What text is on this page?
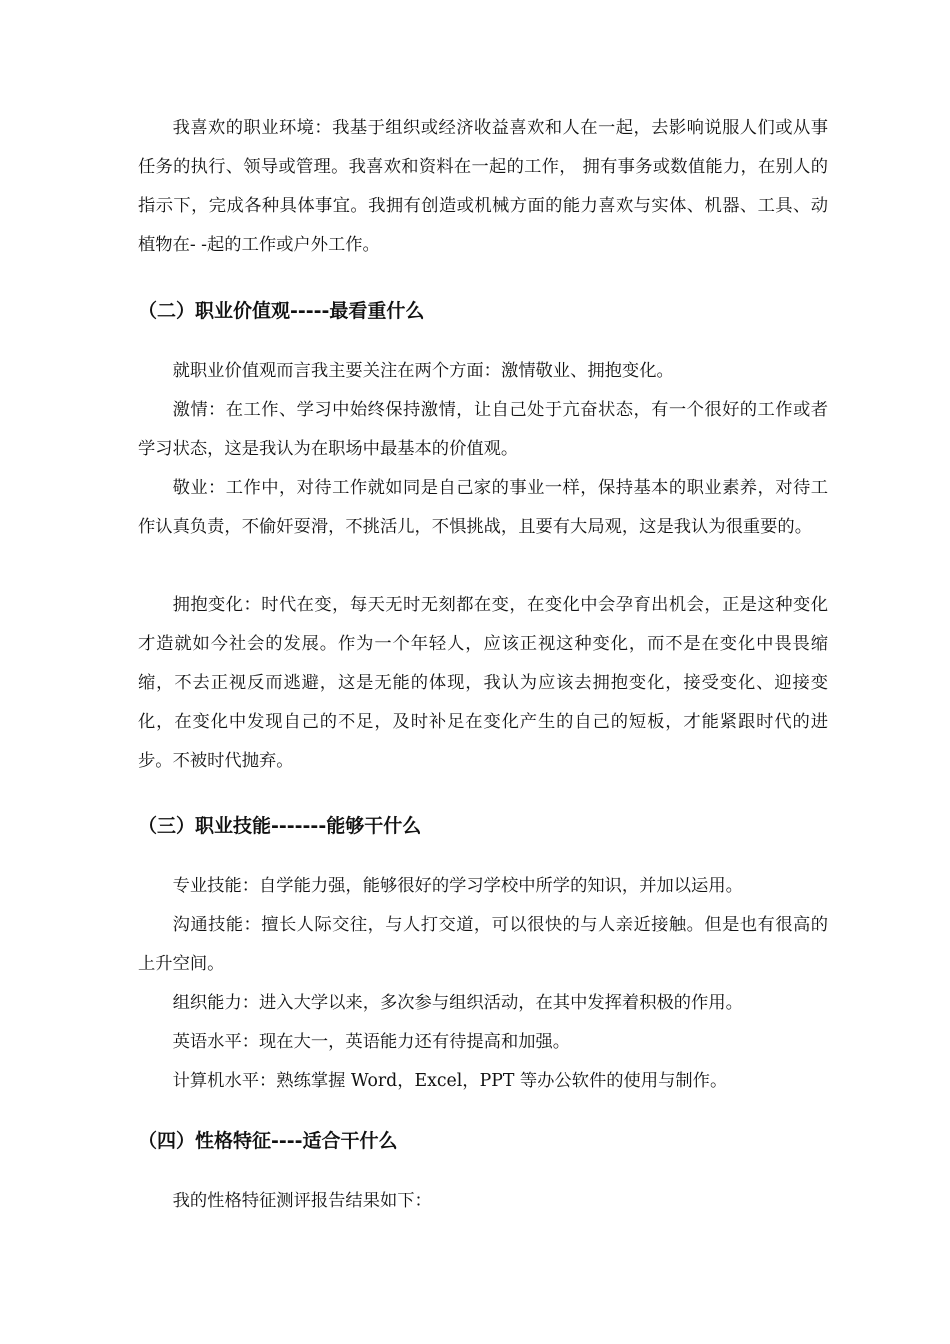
我喜欢的职业环境：我基于组织或经济收益喜欢和人在一起，去影响说服人们或从事任务的执行、领导或管理。我喜欢和资料在一起的工作， 拥有事务或数值能力，在别人的指示下，完成各种具体事宜。我拥有创造或机械方面的能力喜欢与实体、机器、工具、动植物在- -起的工作或户外工作。

（二）职业价值观-----最看重什么

就职业价值观而言我主要关注在两个方面：激情敬业、拥抱变化。

激情：在工作、学习中始终保持激情，让自己处于亢奋状态，有一个很好的工作或者学习状态，这是我认为在职场中最基本的价值观。

敬业：工作中，对待工作就如同是自己家的事业一样，保持基本的职业素养，对待工作认真负责，不偷奸耍滑，不挑活儿，不惧挑战，且要有大局观，这是我认为很重要的。

拥抱变化：时代在变，每天无时无刻都在变，在变化中会孕育出机会，正是这种变化才造就如今社会的发展。作为一个年轻人，应该正视这种变化，而不是在变化中畏畏缩缩，不去正视反而逃避，这是无能的体现，我认为应该去拥抱变化，接受变化、迎接变化，在变化中发现自己的不足，及时补足在变化产生的自己的短板，才能紧跟时代的进步。不被时代抛弃。

（三）职业技能-------能够干什么

专业技能：自学能力强，能够很好的学习学校中所学的知识，并加以运用。

沟通技能：擅长人际交往，与人打交道，可以很快的与人亲近接触。但是也有很高的上升空间。

组织能力：进入大学以来，多次参与组织活动，在其中发挥着积极的作用。

英语水平：现在大一，英语能力还有待提高和加强。

计算机水平：熟练掌握 Word，Excel，PPT 等办公软件的使用与制作。

（四）性格特征----适合干什么

我的性格特征测评报告结果如下：
